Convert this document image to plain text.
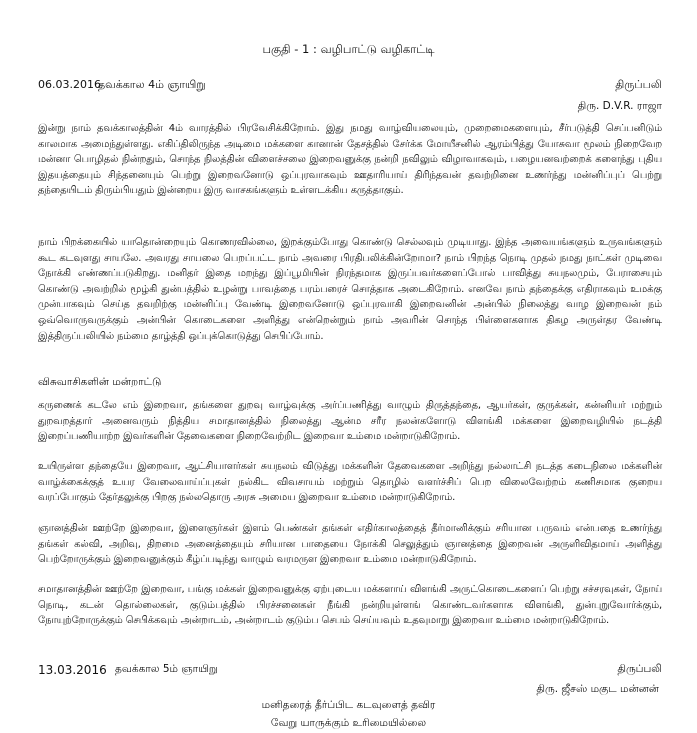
பகுதி - 1 : வழிபாட்டு வழிகாட்டி
06.03.2016
தவக்கால 4ம் ஞாயிறு	திருப்பலி
திரு. D.V.R. ராஜா

இன்று நாம் தவக்காலத்தின் 4ம் வாரத்தில் பிரவேசிக்கிறோம். இது நமது வாழ்வியலையும், முறைமைகளையும், சீர்படுத்தி செப்பனிடும் காலமாக அமைந்துள்ளது. எகிப்திலிருந்த அடிமை மக்களை கானான் தேசத்தில் சேர்க்க மோயீசனில் ஆரம்பித்து யோசுவா மூலம் நிறைவேற மன்னா பொழிதல் நின்றதும், சொந்த நிலத்தின் விளைச்சலை இறைவனுக்கு நன்றி நவிலும் விழாவாகவும், பழையனவற்றைக் களைந்து புதிய இதயத்தையும் சிந்தனையும் பெற்று இறைவனோடு ஒப்புரவாகவும் ஊதாரியாய் திரிந்தவன் தவற்றினை உணர்ந்து மன்னிப்புப் பெற்று தந்தையிடம் திரும்பியதும் இன்றைய இரு வாசகங்களும் உள்ளடக்கிய கருத்தாகும்.

நாம் பிறக்கையில் யாதொன்றையும் கொணரவில்லை, இறக்கும்போது கொண்டு செல்லவும் முடியாது. இந்த அவையங்களும் உருவங்களும் கூட கடவுளது சாயலே. அவரது சாயலை பெறப்பட்ட நாம் அவரை பிரதிபலிக்கின்றோமா? நாம் பிறந்த நொடி முதல் நமது நாட்கள் முடிவை நோக்கி எண்ணப்படுகிறது. மனிதர் இதை மறந்து இப்பூமியின் நிரந்தமாக இருப்பவர்களைப்போல் பாவித்து சுயநலமும், பேராசையும் கொண்டு அவற்றில் மூழ்கி துன்பத்தில் உழன்று பாவத்தை பரம்பரைச் சொத்தாக அடைகிறோம். எனவே நாம் தந்தைக்கு எதிராகவும் உமக்கு முன்பாகவும் செய்த தவறிற்கு மன்னிப்பு வேண்டி இறைவனோடு ஒப்புரவாகி இறைவனின் அன்பில் நிலைத்து வாழ இறைவன் நம் ஒவ்வொருவருக்கும் அன்பின் கொடைகளை அளித்து என்றென்றும் நாம் அவரின் சொந்த பிள்ளைகளாக திகழ அருள்தர வேண்டி இத்திருப்பலியில் நம்மை தாழ்த்தி ஒப்புக்கொடுத்து செபிப்போம்.

விசுவாசிகளின் மன்றாட்டு

கருணைக் கடலே எம் இறைவா, தங்களை துறவு வாழ்வுக்கு அர்ப்பணித்து வாழும் திருத்தந்தை, ஆயர்கள், குருக்கள், கன்னியர் மற்றும் துறவறத்தார் அனைவரும் நித்திய சமாதானத்தில் நிலைத்து ஆன்ம சரீர நலன்களோடு விளங்கி மக்களை இறைவழியில் நடத்தி இறைப்பணியாற்ற இவர்களின் தேவைகளை நிறைவேற்றிட இறைவா உம்மை மன்றாடுகிறோம்.

உயிருள்ள தந்தையே இறைவா, ஆட்சியாளர்கள் சுயநலம் விடுத்து மக்களின் தேவைகளை அறிந்து நல்லாட்சி நடத்த கடைநிலை மக்களின் வாழ்க்கைக்குத் உயர வேலைவாய்ப்புகள் நல்கிட விவசாயம் மற்றும் தொழில் வளர்ச்சிப் பெற விலைவேற்றம் கணிசமாக குறைய வரப்போகும் தேர்தலுக்கு பிறகு நல்லதொரு அரசு அமைய இறைவா உம்மை மன்றாடுகிறோம்.

ஞானத்தின் ஊற்றே இறைவா, இளைஞர்கள் இளம் பெண்கள் தங்கள் எதிர்காலத்தைத் தீர்மானிக்கும் சரியான பருவம் என்பதை உணர்ந்து தங்கள் கல்வி, அறிவு, திறமை அனைத்தையும் சரியான பாதையை நோக்கி செலுத்தும் ஞானத்தை இறைவன் அருளிவிதமாய் அளித்து பெற்றோருக்கும் இறைவனுக்கும் கீழ்ப்படிந்து வாழும் வரமருள இறைவா உம்மை மன்றாடுகிறோம்.

சமாதானத்தின் ஊற்றே இறைவா, பங்கு மக்கள் இறைவனுக்கு ஏற்புடைய மக்களாய் விளங்கி அருட்கொடைகளைப் பெற்று சச்சரவுகள், நோய் நொடி, கடன் தொல்லைகள், குடும்பத்தில் பிரச்சனைகள் நீங்கி நன்றியுள்ளங் கொண்டவர்களாக விளங்கி, துன்புறுவோர்க்கும், நோயுற்றோருக்கும் செபிக்கவும் அன்றாடம், அன்றாடம் குடும்ப செபம் செய்யவும் உதவுமாறு இறைவா உம்மை மன்றாடுகிறோம்.

13.03.2016 தவக்கால 5ம் ஞாயிறு	திருப்பலி
திரு. ஜீசஸ் மகுட மன்னன்
மனிதரைத் தீர்ப்பிட கடவுளைத் தவிர
வேறு யாருக்கும் உரிமையில்லை
